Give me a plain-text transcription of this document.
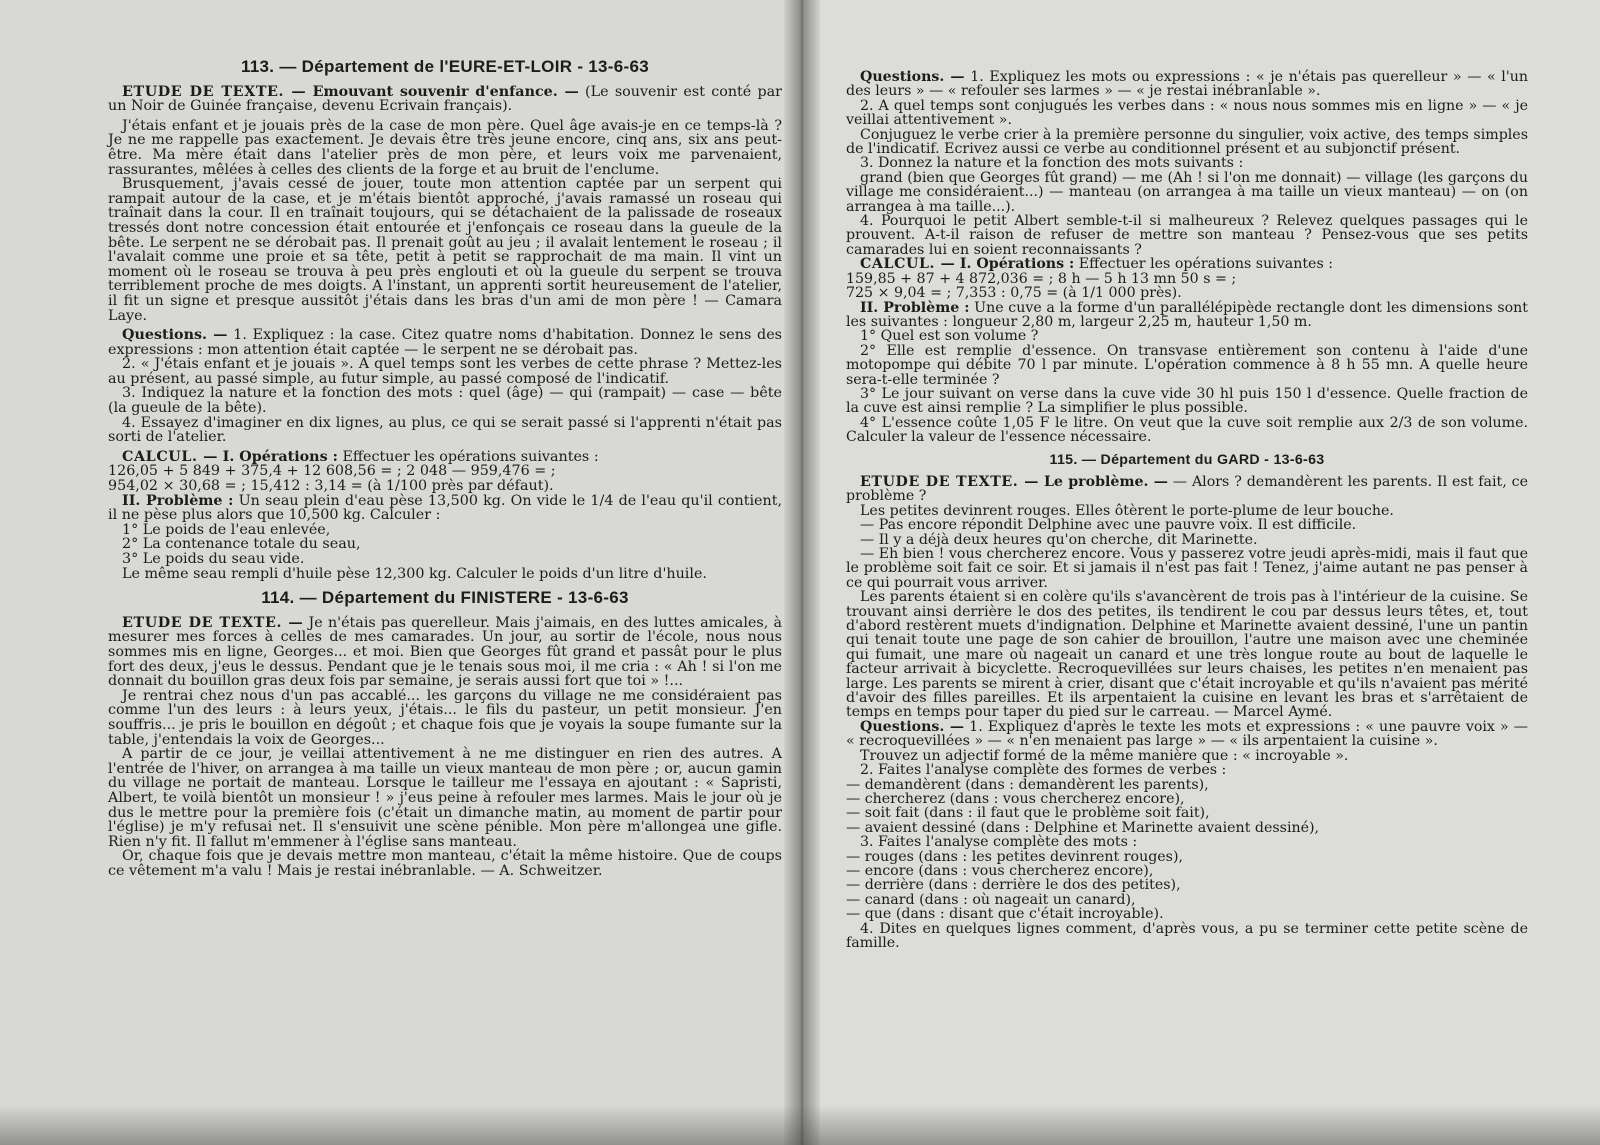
113. — Département de l'EURE-ET-LOIR - 13-6-63

ETUDE DE TEXTE. — Emouvant souvenir d'enfance. — (Le souvenir est conté par un Noir de Guinée française, devenu Ecrivain français).

J'étais enfant et je jouais près de la case de mon père. Quel âge avais-je en ce temps-là ? Je ne me rappelle pas exactement. Je devais être très jeune encore, cinq ans, six ans peut-être. Ma mère était dans l'atelier près de mon père, et leurs voix me parvenaient, rassurantes, mêlées à celles des clients de la forge et au bruit de l'enclume.

Brusquement, j'avais cessé de jouer, toute mon attention captée par un serpent qui rampait autour de la case, et je m'étais bientôt approché, j'avais ramassé un roseau qui traînait dans la cour. Il en traînait toujours, qui se détachaient de la palissade de roseaux tressés dont notre concession était entourée et j'enfonçais ce roseau dans la gueule de la bête. Le serpent ne se dérobait pas. Il prenait goût au jeu ; il avalait lentement le roseau ; il l'avalait comme une proie et sa tête, petit à petit se rapprochait de ma main. Il vint un moment où le roseau se trouva à peu près englouti et où la gueule du serpent se trouva terriblement proche de mes doigts. A l'instant, un apprenti sortit heureusement de l'atelier, il fit un signe et presque aussitôt j'étais dans les bras d'un ami de mon père ! — Camara Laye.

Questions. — 1. Expliquez : la case. Citez quatre noms d'habitation. Donnez le sens des expressions : mon attention était captée — le serpent ne se dérobait pas.

2. « J'étais enfant et je jouais ». A quel temps sont les verbes de cette phrase ? Mettez-les au présent, au passé simple, au futur simple, au passé composé de l'indicatif.

3. Indiquez la nature et la fonction des mots : quel (âge) — qui (rampait) — case — bête (la gueule de la bête).

4. Essayez d'imaginer en dix lignes, au plus, ce qui se serait passé si l'apprenti n'était pas sorti de l'atelier.

CALCUL. — I. Opérations : Effectuer les opérations suivantes :

126,05 + 5 849 + 375,4 + 12 608,56 = ; 2 048 — 959,476 = ;

954,02 × 30,68 = ; 15,412 : 3,14 = (à 1/100 près par défaut).

II. Problème : Un seau plein d'eau pèse 13,500 kg. On vide le 1/4 de l'eau qu'il contient, il ne pèse plus alors que 10,500 kg. Calculer :

1° Le poids de l'eau enlevée,

2° La contenance totale du seau,

3° Le poids du seau vide.

Le même seau rempli d'huile pèse 12,300 kg. Calculer le poids d'un litre d'huile.

114. — Département du FINISTERE - 13-6-63

ETUDE DE TEXTE. — Je n'étais pas querelleur. Mais j'aimais, en des luttes amicales, à mesurer mes forces à celles de mes camarades. Un jour, au sortir de l'école, nous nous sommes mis en ligne, Georges... et moi. Bien que Georges fût grand et passât pour le plus fort des deux, j'eus le dessus. Pendant que je le tenais sous moi, il me cria : « Ah ! si l'on me donnait du bouillon gras deux fois par semaine, je serais aussi fort que toi » !...

Je rentrai chez nous d'un pas accablé... les garçons du village ne me considéraient pas comme l'un des leurs : à leurs yeux, j'étais... le fils du pasteur, un petit monsieur. J'en souffris... je pris le bouillon en dégoût ; et chaque fois que je voyais la soupe fumante sur la table, j'entendais la voix de Georges...

A partir de ce jour, je veillai attentivement à ne me distinguer en rien des autres. A l'entrée de l'hiver, on arrangea à ma taille un vieux manteau de mon père ; or, aucun gamin du village ne portait de manteau. Lorsque le tailleur me l'essaya en ajoutant : « Sapristi, Albert, te voilà bientôt un monsieur ! » j'eus peine à refouler mes larmes. Mais le jour où je dus le mettre pour la première fois (c'était un dimanche matin, au moment de partir pour l'église) je m'y refusai net. Il s'ensuivit une scène pénible. Mon père m'allongea une gifle. Rien n'y fit. Il fallut m'emmener à l'église sans manteau.

Or, chaque fois que je devais mettre mon manteau, c'était la même histoire. Que de coups ce vêtement m'a valu ! Mais je restai inébranlable. — A. Schweitzer.

Questions. — 1. Expliquez les mots ou expressions : « je n'étais pas querelleur » — « l'un des leurs » — « refouler ses larmes » — « je restai inébranlable ».

2. A quel temps sont conjugués les verbes dans : « nous nous sommes mis en ligne » — « je veillai attentivement ».

Conjuguez le verbe crier à la première personne du singulier, voix active, des temps simples de l'indicatif. Ecrivez aussi ce verbe au conditionnel présent et au subjonctif présent.

3. Donnez la nature et la fonction des mots suivants :

grand (bien que Georges fût grand) — me (Ah ! si l'on me donnait) — village (les garçons du village me considéraient...) — manteau (on arrangea à ma taille un vieux manteau) — on (on arrangea à ma taille...).

4. Pourquoi le petit Albert semble-t-il si malheureux ? Relevez quelques passages qui le prouvent. A-t-il raison de refuser de mettre son manteau ? Pensez-vous que ses petits camarades lui en soient reconnaissants ?

CALCUL. — I. Opérations : Effectuer les opérations suivantes :

159,85 + 87 + 4 872,036 = ; 8 h — 5 h 13 mn 50 s = ;

725 × 9,04 = ; 7,353 : 0,75 = (à 1/1 000 près).

II. Problème : Une cuve a la forme d'un parallélépipède rectangle dont les dimensions sont les suivantes : longueur 2,80 m, largeur 2,25 m, hauteur 1,50 m.

1° Quel est son volume ?

2° Elle est remplie d'essence. On transvase entièrement son contenu à l'aide d'une motopompe qui débite 70 l par minute. L'opération commence à 8 h 55 mn. A quelle heure sera-t-elle terminée ?

3° Le jour suivant on verse dans la cuve vide 30 hl puis 150 l d'essence. Quelle fraction de la cuve est ainsi remplie ? La simplifier le plus possible.

4° L'essence coûte 1,05 F le litre. On veut que la cuve soit remplie aux 2/3 de son volume. Calculer la valeur de l'essence nécessaire.

115. — Département du GARD - 13-6-63

ETUDE DE TEXTE. — Le problème. — — Alors ? demandèrent les parents. Il est fait, ce problème ?

Les petites devinrent rouges. Elles ôtèrent le porte-plume de leur bouche.

— Pas encore répondit Delphine avec une pauvre voix. Il est difficile.

— Il y a déjà deux heures qu'on cherche, dit Marinette.

— Eh bien ! vous chercherez encore. Vous y passerez votre jeudi après-midi, mais il faut que le problème soit fait ce soir. Et si jamais il n'est pas fait ! Tenez, j'aime autant ne pas penser à ce qui pourrait vous arriver.

Les parents étaient si en colère qu'ils s'avancèrent de trois pas à l'intérieur de la cuisine. Se trouvant ainsi derrière le dos des petites, ils tendirent le cou par dessus leurs têtes, et, tout d'abord restèrent muets d'indignation. Delphine et Marinette avaient dessiné, l'une un pantin qui tenait toute une page de son cahier de brouillon, l'autre une maison avec une cheminée qui fumait, une mare où nageait un canard et une très longue route au bout de laquelle le facteur arrivait à bicyclette. Recroquevillées sur leurs chaises, les petites n'en menaient pas large. Les parents se mirent à crier, disant que c'était incroyable et qu'ils n'avaient pas mérité d'avoir des filles pareilles. Et ils arpentaient la cuisine en levant les bras et s'arrêtaient de temps en temps pour taper du pied sur le carreau. — Marcel Aymé.

Questions. — 1. Expliquez d'après le texte les mots et expressions : « une pauvre voix » — « recroquevillées » — « n'en menaient pas large » — « ils arpentaient la cuisine ».

Trouvez un adjectif formé de la même manière que : « incroyable ».

2. Faites l'analyse complète des formes de verbes :

— demandèrent (dans : demandèrent les parents),

— chercherez (dans : vous chercherez encore),

— soit fait (dans : il faut que le problème soit fait),

— avaient dessiné (dans : Delphine et Marinette avaient dessiné),

3. Faites l'analyse complète des mots :

— rouges (dans : les petites devinrent rouges),

— encore (dans : vous chercherez encore),

— derrière (dans : derrière le dos des petites),

— canard (dans : où nageait un canard),

— que (dans : disant que c'était incroyable).

4. Dites en quelques lignes comment, d'après vous, a pu se terminer cette petite scène de famille.
